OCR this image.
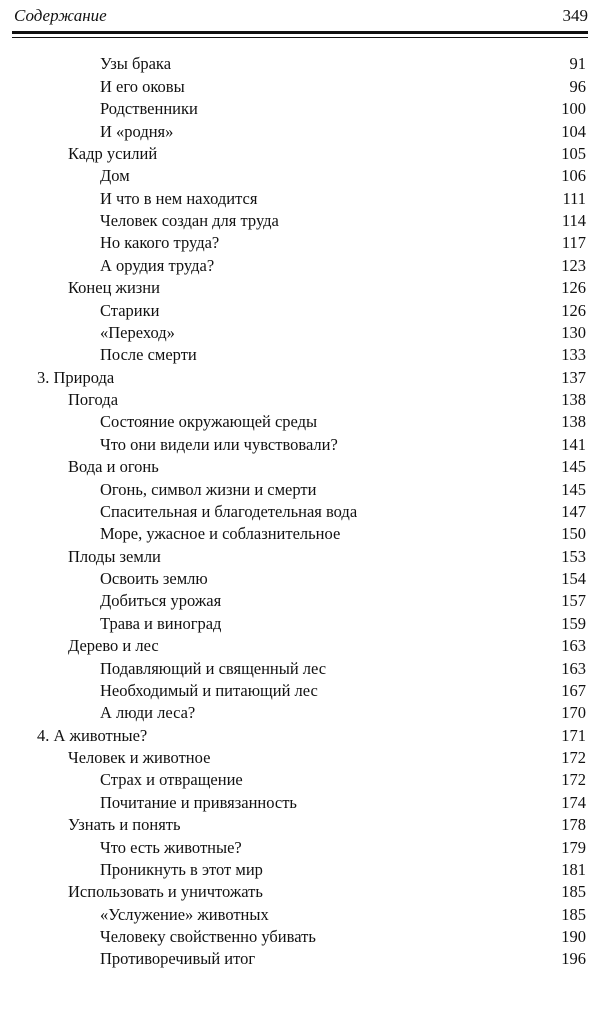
Содержание	349
Узы брака	91
И его оковы	96
Родственники	100
И «родня»	104
Кадр усилий	105
Дом	106
И что в нем находится	111
Человек создан для труда	114
Но какого труда?	117
А орудия труда?	123
Конец жизни	126
Старики	126
«Переход»	130
После смерти	133
3. Природа	137
Погода	138
Состояние окружающей среды	138
Что они видели или чувствовали?	141
Вода и огонь	145
Огонь, символ жизни и смерти	145
Спасительная и благодетельная вода	147
Море, ужасное и соблазнительное	150
Плоды земли	153
Освоить землю	154
Добиться урожая	157
Трава и виноград	159
Дерево и лес	163
Подавляющий и священный лес	163
Необходимый и питающий лес	167
А люди леса?	170
4. А животные?	171
Человек и животное	172
Страх и отвращение	172
Почитание и привязанность	174
Узнать и понять	178
Что есть животные?	179
Проникнуть в этот мир	181
Использовать и уничтожать	185
«Услужение» животных	185
Человеку свойственно убивать	190
Противоречивый итог	196
